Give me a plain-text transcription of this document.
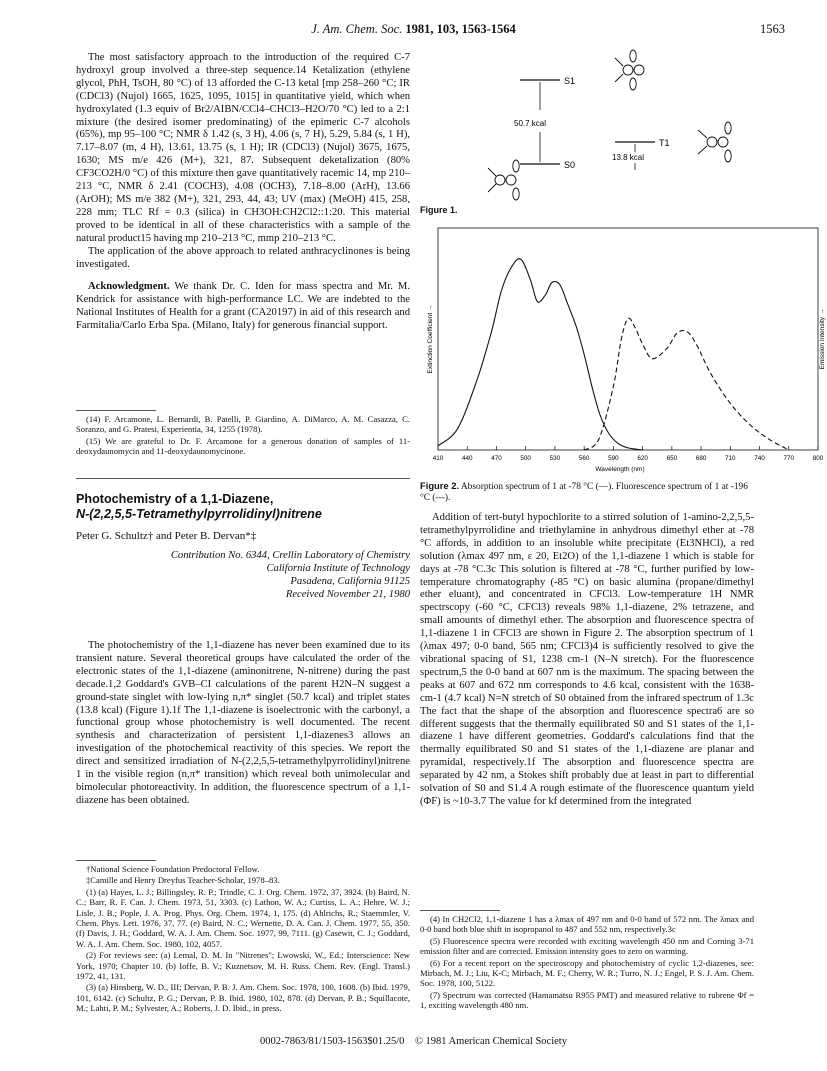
J. Am. Chem. Soc. 1981, 103, 1563-1564	1563

The most satisfactory approach to the introduction of the required C-7 hydroxyl group involved a three-step sequence.14 Ketalization (ethylene glycol, PhH, TsOH, 80 °C) of 13 afforded the C-13 ketal [mp 258–260 °C; IR (CDCl3) (Nujol) 1665, 1625, 1095, 1015] in quantitative yield, which when hydroxylated (1.3 equiv of Br2/AIBN/CCl4–CHCl3–H2O/70 °C) led to a 2:1 mixture (the desired isomer predominating) of the epimeric C-7 alcohols (65%), mp 95–100 °C; NMR δ 1.42 (s, 3 H), 4.06 (s, 7 H), 5.29, 5.84 (s, 1 H), 7.17–8.07 (m, 4 H), 13.61, 13.75 (s, 1 H); IR (CDCl3) (Nujol) 3675, 1675, 1630; MS m/e 426 (M+), 321, 87. Subsequent deketalization (80% CF3CO2H/0 °C) of this mixture then gave quantitatively racemic 14, mp 210–213 °C, NMR δ 2.41 (COCH3), 4.08 (OCH3), 7.18–8.00 (ArH), 13.66 (ArOH); MS m/e 382 (M+), 321, 293, 44, 43; UV (max) (MeOH) 415, 258, 228 mm; TLC Rf = 0.3 (silica) in CH3OH:CH2Cl2::1:20. This material proved to be identical in all of these characteristics with a sample of the natural product15 having mp 210–213 °C, mmp 210–213 °C.

The application of the above approach to related anthracyclinones is being investigated.

Acknowledgment. We thank Dr. C. Iden for mass spectra and Mr. M. Kendrick for assistance with high-performance LC. We are indebted to the National Institutes of Health for a grant (CA20197) in aid of this research and Farmitalia/Carlo Erba Spa. (Milano, Italy) for generous financial support.

(14) F. Arcamone, L. Bernardi, B. Patelli, P. Giardino, A. DiMarco, A. M. Casazza, C. Soranzo, and G. Pratesi, Experientia, 34, 1255 (1978).

(15) We are grateful to Dr. F. Arcamone for a generous donation of samples of 11-deoxydaunomycin and 11-deoxydaunomycinone.

Photochemistry of a 1,1-Diazene,
N-(2,2,5,5-Tetramethylpyrrolidinyl)nitrene
Peter G. Schultz† and Peter B. Dervan*‡
Contribution No. 6344, Crellin Laboratory of Chemistry
California Institute of Technology
Pasadena, California 91125
Received November 21, 1980

The photochemistry of the 1,1-diazene has never been examined due to its transient nature. Several theoretical groups have calculated the order of the electronic states of the 1,1-diazene (aminonitrene, N-nitrene) during the past decade.1,2 Goddard's GVB–CI calculations of the parent H2N–N suggest a ground-state singlet with low-lying n,π* singlet (50.7 kcal) and triplet states (13.8 kcal) (Figure 1).1f The 1,1-diazene is isoelectronic with the carbonyl, a functional group whose photochemistry is well documented. The recent synthesis and characterization of persistent 1,1-diazenes3 allows an investigation of the photochemical reactivity of this species. We report the direct and sensitized irradiation of N-(2,2,5,5-tetramethylpyrrolidinyl)nitrene 1 in the visible region (n,π* transition) which reveal both unimolecular and bimolecular photoreactivity. In addition, the fluorescence spectrum of a 1,1-diazene has been obtained.

†National Science Foundation Predoctoral Fellow.

‡Camille and Henry Dreyfus Teacher-Scholar, 1978–83.

(1) (a) Hayes, L. J.; Billingsley, R. P.; Trindle, C. J. Org. Chem. 1972, 37, 3924. (b) Baird, N. C.; Barr, R. F. Can. J. Chem. 1973, 51, 3303. (c) Lathon, W. A.; Curtiss, L. A.; Hehre, W. J.; Lisle, J. B.; Pople, J. A. Prog. Phys. Org. Chem. 1974, 1, 175. (d) Ahlrichs, R.; Staemmler, V. Chem. Phys. Lett. 1976, 37, 77. (e) Baird, N. C.; Wernette, D. A. Can. J. Chem. 1977, 55, 350. (f) Davis, J. H.; Goddard, W. A. J. Am. Chem. Soc. 1977, 99, 7111. (g) Casewit, C. J.; Goddard, W. A. J. Am. Chem. Soc. 1980, 102, 4057.

(2) For reviews see: (a) Lemal, D. M. In "Nitrenes"; Lwowski, W., Ed.; Interscience: New York, 1970; Chapter 10. (b) Ioffe, B. V.; Kuznetsov, M. H. Russ. Chem. Rev. (Engl. Transl.) 1972, 41, 131.

(3) (a) Hinsberg, W. D., III; Dervan, P. B. J. Am. Chem. Soc. 1978, 100, 1608. (b) Ibid. 1979, 101, 6142. (c) Schultz, P. G.; Dervan, P. B. Ibid. 1980, 102, 878. (d) Dervan, P. B.; Squillacote, M.; Lahti, P. M.; Sylvester, A.; Roberts, J. D. Ibid., in press.

S1
50.7 kcal
S0
T1
13.8 kcal
Figure 1.
Extinction Coefficient →	Emission Intensity →
Wavelength (nm)
410	440	470	500	530	560	590	620	650	680	710	740	770	800
Figure 2. Absorption spectrum of 1 at -78 °C (—). Fluorescence spectrum of 1 at -196 °C (---).

Addition of tert-butyl hypochlorite to a stirred solution of 1-amino-2,2,5,5-tetramethylpyrrolidine and triethylamine in anhydrous dimethyl ether at -78 °C affords, in addition to an insoluble white precipitate (Et3NHCl), a red solution (λmax 497 nm, ε 20, Et2O) of the 1,1-diazene 1 which is stable for days at -78 °C.3c This solution is filtered at -78 °C, further purified by low-temperature chromatography (-85 °C) on basic alumina (propane/dimethyl ether eluant), and concentrated in CFCl3. Low-temperature 1H NMR spectrscopy (-60 °C, CFCl3) reveals 98% 1,1-diazene, 2% tetrazene, and small amounts of dimethyl ether. The absorption and fluorescence spectra of 1,1-diazene 1 in CFCl3 are shown in Figure 2. The absorption spectrum of 1 (λmax 497; 0-0 band, 565 nm; CFCl3)4 is sufficiently resolved to give the vibrational spacing of S1, 1238 cm-1 (N–N stretch). For the fluorescence spectrum,5 the 0-0 band at 607 nm is the maximum. The spacing between the peaks at 607 and 672 nm corresponds to 4.6 kcal, consistent with the 1638-cm-1 (4.7 kcal) N=N stretch of S0 obtained from the infrared spectrum of 1.3c The fact that the shape of the absorption and fluorescence spectra6 are so different suggests that the thermally equilibrated S0 and S1 states of the 1,1-diazene 1 have different geometries. Goddard's calculations find that the thermally equilibrated S0 and S1 states of the 1,1-diazene are planar and pyramidal, respectively.1f The absorption and fluorescence spectra are separated by 42 nm, a Stokes shift probably due at least in part to differential solvation of S0 and S1.4 A rough estimate of the fluorescence quantum yield (ΦF) is ~10-3.7 The value for kf determined from the integrated

(4) In CH2Cl2, 1,1-diazene 1 has a λmax of 497 nm and 0-0 band of 572 nm. The λmax and 0-0 band both blue shift in isopropanol to 487 and 552 nm, respectively.3c

(5) Fluorescence spectra were recorded with exciting wavelength 450 nm and Corning 3-71 emission filter and are corrected. Emission intensity goes to zero on warming.

(6) For a recent report on the spectroscopy and photochemistry of cyclic 1,2-diazenes, see: Mirbach, M. J.; Liu, K-C; Mirbach, M. F.; Cherry, W. R.; Turro, N. J.; Engel, P. S. J. Am. Chem. Soc. 1978, 100, 5122.

(7) Spectrum was corrected (Hamamatsu R955 PMT) and measured relative to rubrene Φf = 1, exciting wavelength 480 nm.

0002-7863/81/1503-1563$01.25/0 © 1981 American Chemical Society
